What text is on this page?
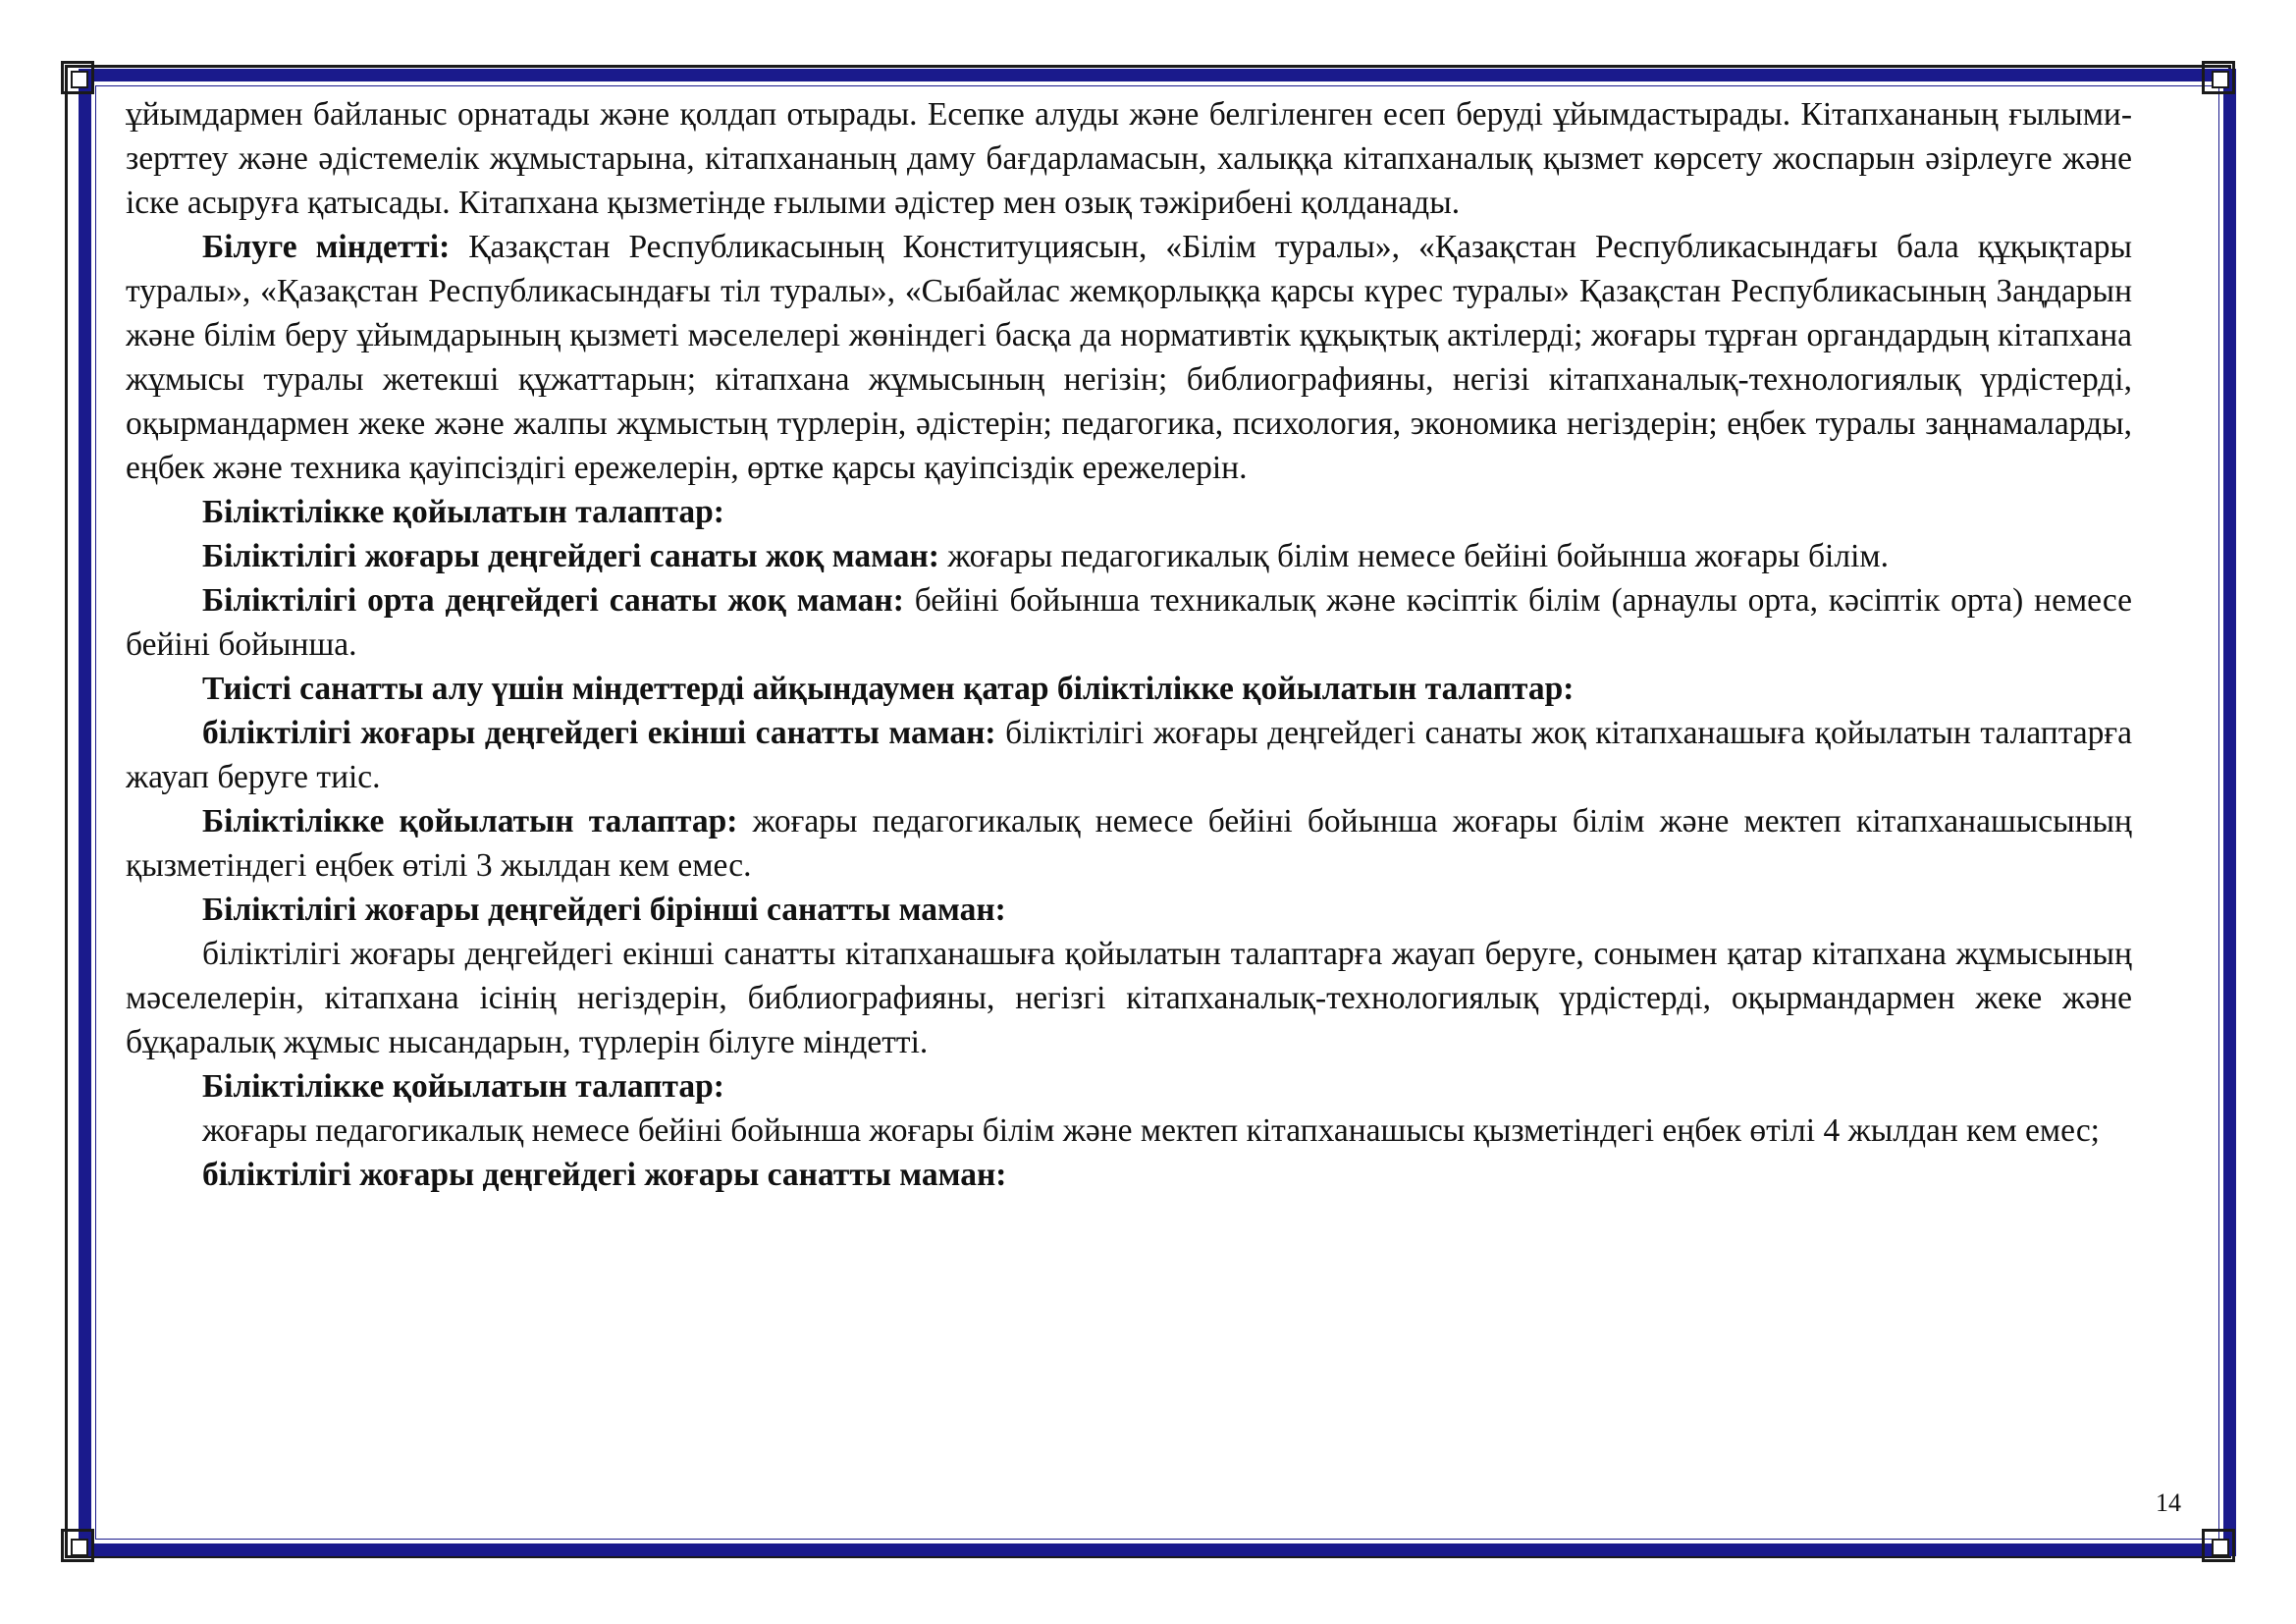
ұйымдармен байланыс орнатады және қолдап отырады. Есепке алуды және белгіленген есеп беруді ұйымдастырады. Кітапхананың ғылыми-зерттеу және әдістемелік жұмыстарына, кітапхананың даму бағдарламасын, халыққа кітапханалық қызмет көрсету жоспарын әзірлеуге және іске асыруға қатысады. Кітапхана қызметінде ғылыми әдістер мен озық тәжірибені қолданады.

Білуге міндетті: Қазақстан Республикасының Конституциясын, «Білім туралы», «Қазақстан Республикасындағы бала құқықтары туралы», «Қазақстан Республикасындағы тіл туралы», «Сыбайлас жемқорлыққа қарсы күрес туралы» Қазақстан Республикасының Заңдарын және білім беру ұйымдарының қызметі мәселелері жөніндегі басқа да нормативтік құқықтық актілерді; жоғары тұрған органдардың кітапхана жұмысы туралы жетекші құжаттарын; кітапхана жұмысының негізін; библиографияны, негізі кітапханалық-технологиялық үрдістерді, оқырмандармен жеке және жалпы жұмыстың түрлерін, әдістерін; педагогика, психология, экономика негіздерін; еңбек туралы заңнамаларды, еңбек және техника қауіпсіздігі ережелерін, өртке қарсы қауіпсіздік ережелерін.

Біліктілікке қойылатын талаптар:

Біліктілігі жоғары деңгейдегі санаты жоқ маман: жоғары педагогикалық білім немесе бейіні бойынша жоғары білім.

Біліктілігі орта деңгейдегі санаты жоқ маман: бейіні бойынша техникалық және кәсіптік білім (арнаулы орта, кәсіптік орта) немесе бейіні бойынша.

Тиісті санатты алу үшін міндеттерді айқындаумен қатар біліктілікке қойылатын талаптар:

біліктілігі жоғары деңгейдегі екінші санатты маман: біліктілігі жоғары деңгейдегі санаты жоқ кітапханашыға қойылатын талаптарға жауап беруге тиіс.

Біліктілікке қойылатын талаптар: жоғары педагогикалық немесе бейіні бойынша жоғары білім және мектеп кітапханашысының қызметіндегі еңбек өтілі 3 жылдан кем емес.

Біліктілігі жоғары деңгейдегі бірінші санатты маман:

біліктілігі жоғары деңгейдегі екінші санатты кітапханашыға қойылатын талаптарға жауап беруге, сонымен қатар кітапхана жұмысының мәселелерін, кітапхана ісінің негіздерін, библиографияны, негізгі кітапханалық-технологиялық үрдістерді, оқырмандармен жеке және бұқаралық жұмыс нысандарын, түрлерін білуге міндетті.

Біліктілікке қойылатын талаптар:

жоғары педагогикалық немесе бейіні бойынша жоғары білім және мектеп кітапханашысы қызметіндегі еңбек өтілі 4 жылдан кем емес;

біліктілігі жоғары деңгейдегі жоғары санатты маман:

14
